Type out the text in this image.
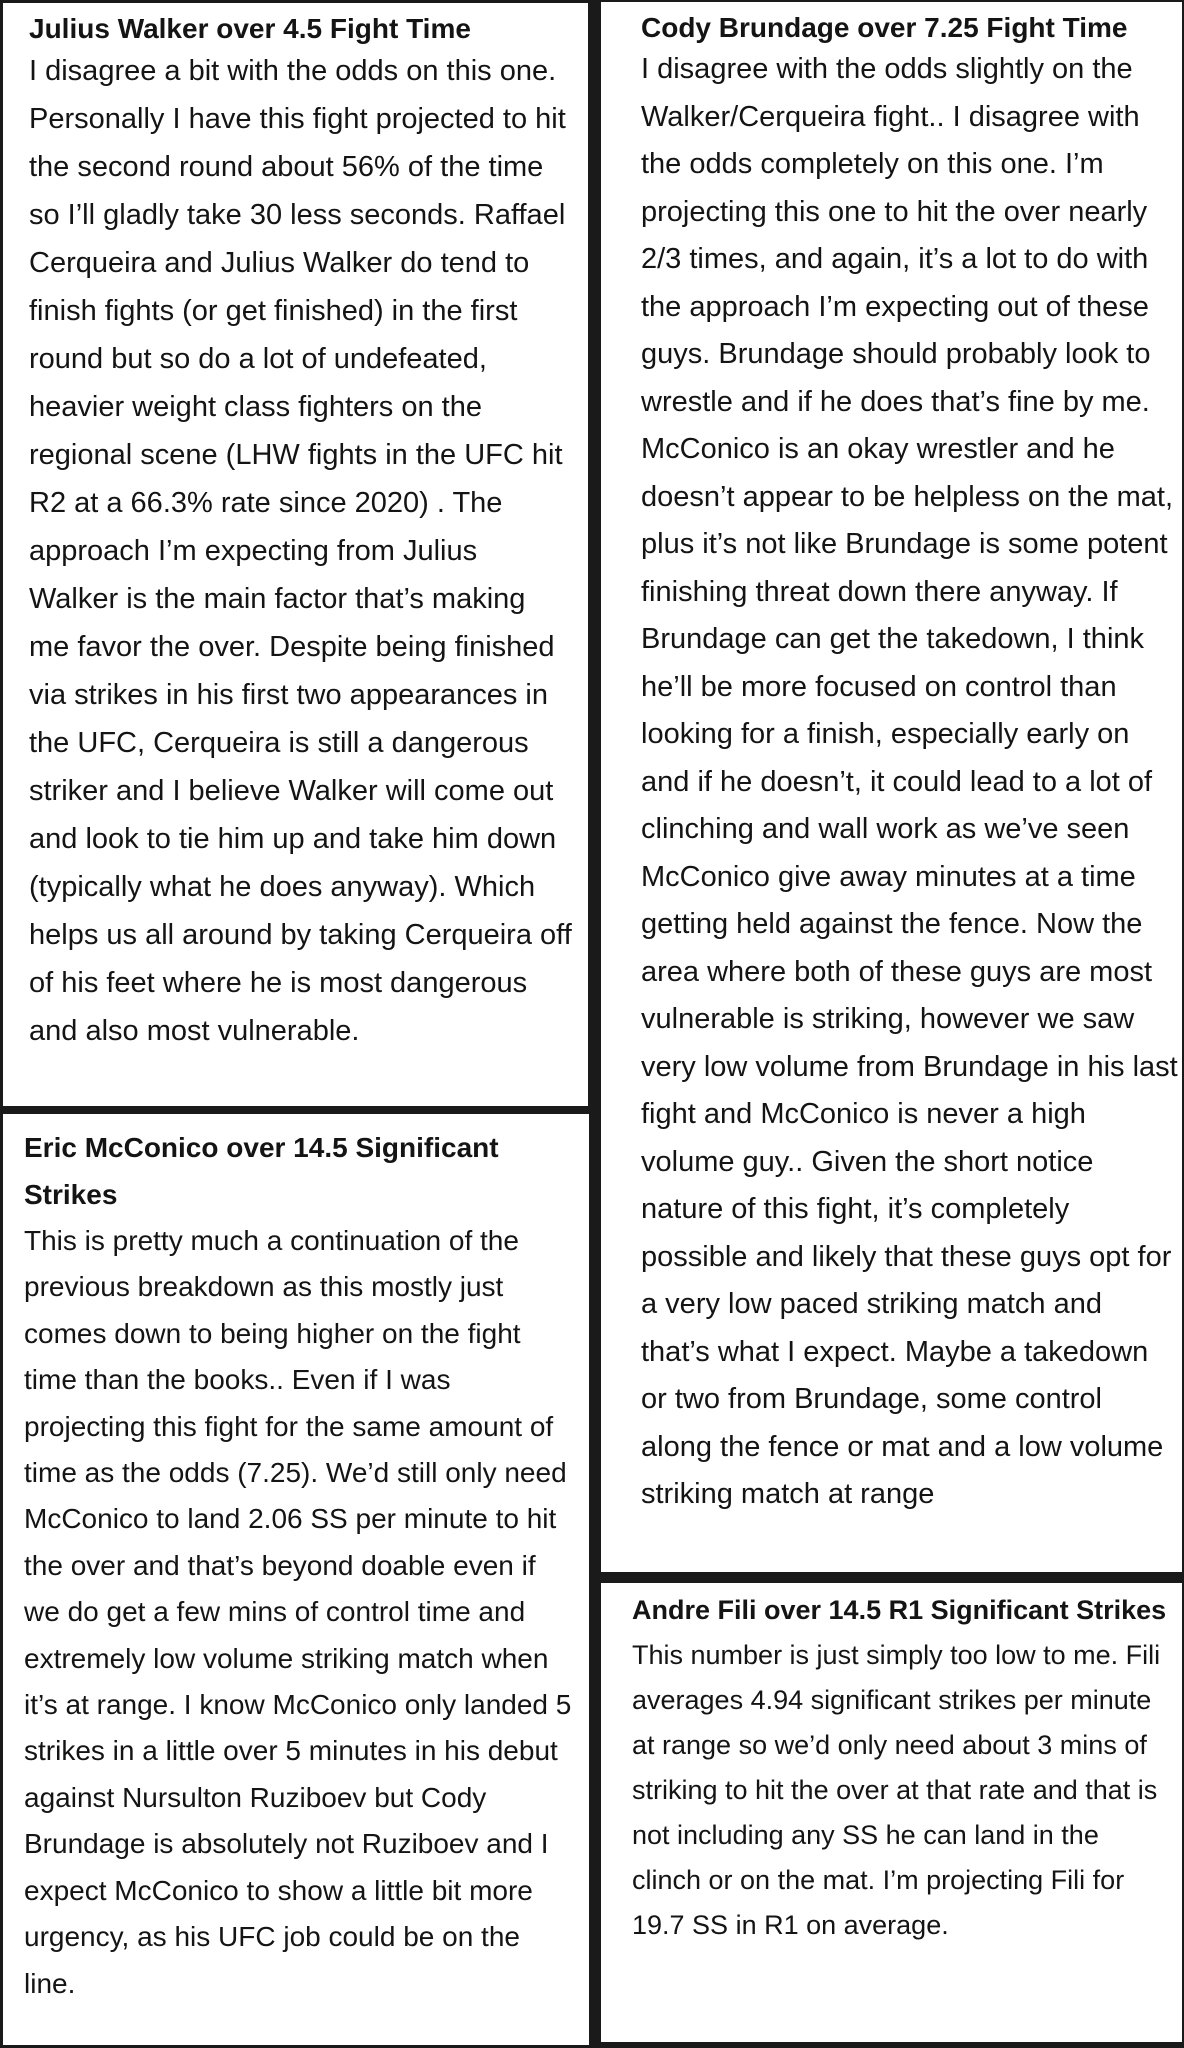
Julius Walker over 4.5 Fight Time
I disagree a bit with the odds on this one. Personally I have this fight projected to hit the second round about 56% of the time so I’ll gladly take 30 less seconds. Raffael Cerqueira and Julius Walker do tend to finish fights (or get finished) in the first round but so do a lot of undefeated, heavier weight class fighters on the regional scene (LHW fights in the UFC hit R2 at a 66.3% rate since 2020) . The approach I’m expecting from Julius Walker is the main factor that’s making me favor the over. Despite being finished via strikes in his first two appearances in the UFC, Cerqueira is still a dangerous striker and I believe Walker will come out and look to tie him up and take him down (typically what he does anyway). Which helps us all around by taking Cerqueira off of his feet where he is most dangerous and also most vulnerable.
Cody Brundage over 7.25 Fight Time
I disagree with the odds slightly on the Walker/Cerqueira fight.. I disagree with the odds completely on this one. I’m projecting this one to hit the over nearly 2/3 times, and again, it’s a lot to do with the approach I’m expecting out of these guys. Brundage should probably look to wrestle and if he does that’s fine by me. McConico is an okay wrestler and he doesn’t appear to be helpless on the mat, plus it’s not like Brundage is some potent finishing threat down there anyway. If Brundage can get the takedown, I think he’ll be more focused on control than looking for a finish, especially early on and if he doesn’t, it could lead to a lot of clinching and wall work as we’ve seen McConico give away minutes at a time getting held against the fence. Now the area where both of these guys are most vulnerable is striking, however we saw very low volume from Brundage in his last fight and McConico is never a high volume guy.. Given the short notice nature of this fight, it’s completely possible and likely that these guys opt for a very low paced striking match and that’s what I expect. Maybe a takedown or two from Brundage, some control along the fence or mat and a low volume striking match at range
Eric McConico over 14.5 Significant Strikes
This is pretty much a continuation of the previous breakdown as this mostly just comes down to being higher on the fight time than the books.. Even if I was projecting this fight for the same amount of time as the odds (7.25). We’d still only need McConico to land 2.06 SS per minute to hit the over and that’s beyond doable even if we do get a few mins of control time and extremely low volume striking match when it’s at range. I know McConico only landed 5 strikes in a little over 5 minutes in his debut against Nursulton Ruziboev but Cody Brundage is absolutely not Ruziboev and I expect McConico to show a little bit more urgency, as his UFC job could be on the line.
Andre Fili over 14.5 R1 Significant Strikes
This number is just simply too low to me. Fili averages 4.94 significant strikes per minute at range so we’d only need about 3 mins of striking to hit the over at that rate and that is not including any SS he can land in the clinch or on the mat. I’m projecting Fili for 19.7 SS in R1 on average.
